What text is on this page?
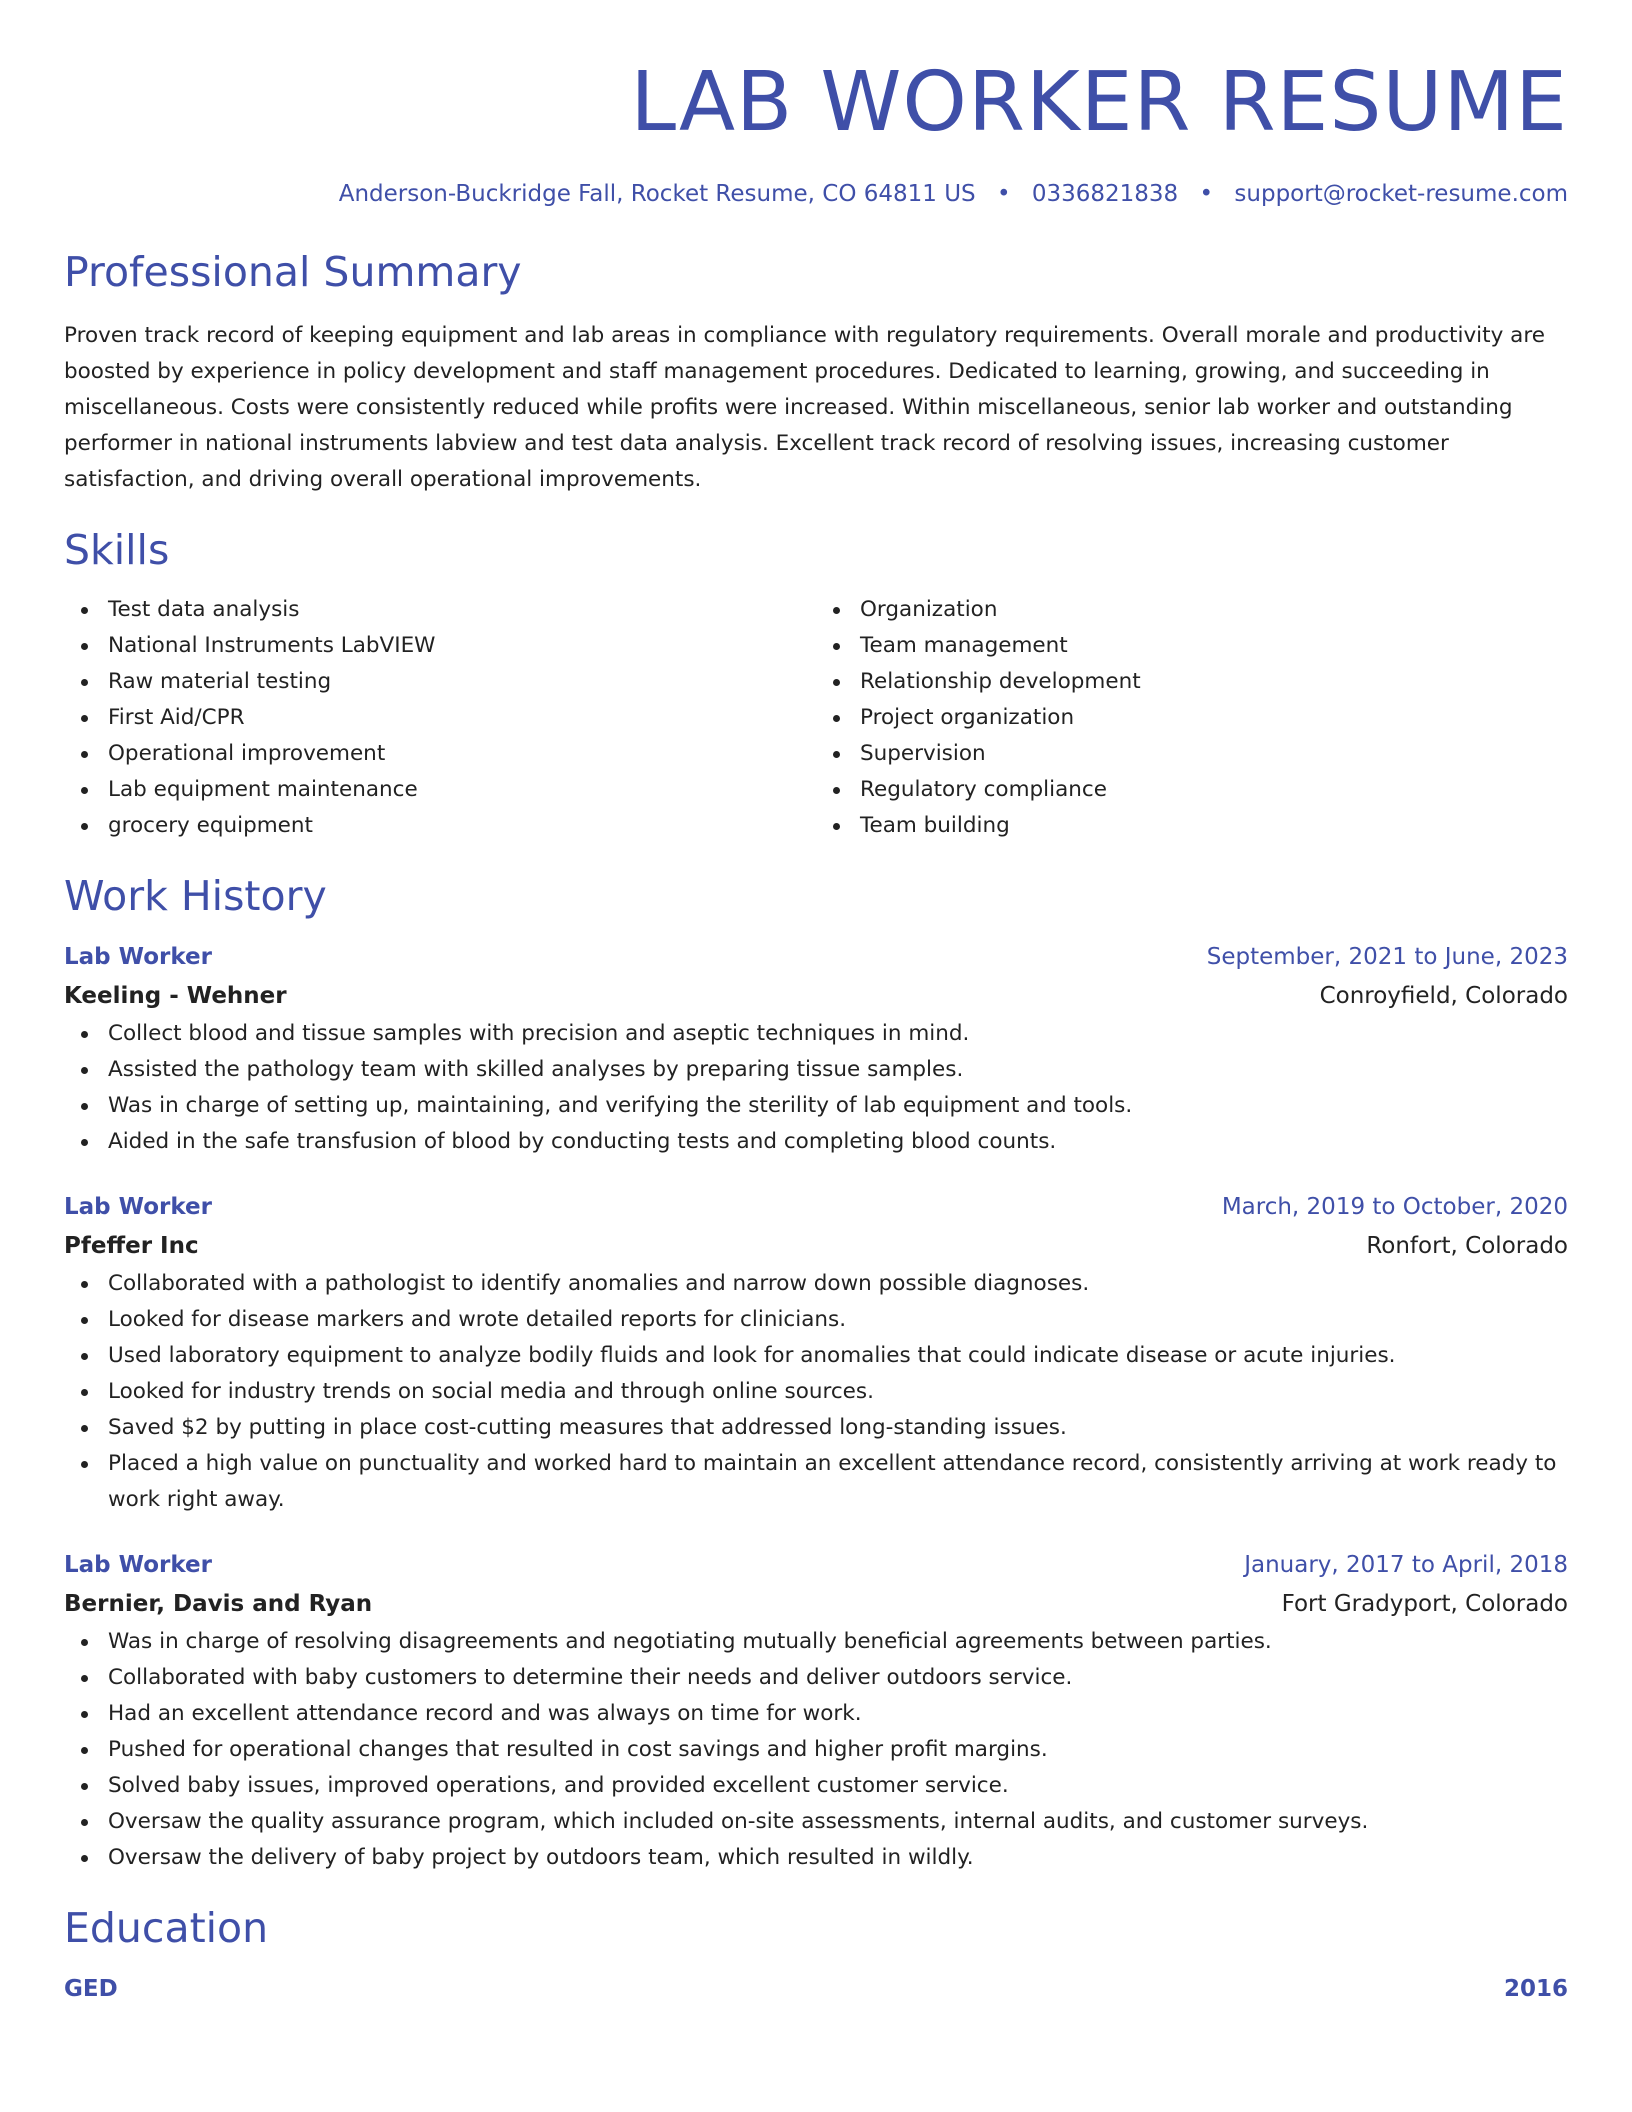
LAB WORKER RESUME
Anderson-Buckridge Fall, Rocket Resume, CO 64811 US • 0336821838 • support@rocket-resume.com
Professional Summary

Proven track record of keeping equipment and lab areas in compliance with regulatory requirements. Overall morale and productivity are boosted by experience in policy development and staff management procedures. Dedicated to learning, growing, and succeeding in miscellaneous. Costs were consistently reduced while profits were increased. Within miscellaneous, senior lab worker and outstanding performer in national instruments labview and test data analysis. Excellent track record of resolving issues, increasing customer satisfaction, and driving overall operational improvements.

Skills
Test data analysis
National Instruments LabVIEW
Raw material testing
First Aid/CPR
Operational improvement
Lab equipment maintenance
grocery equipment
Organization
Team management
Relationship development
Project organization
Supervision
Regulatory compliance
Team building
Work History
Lab Worker	September, 2021 to June, 2023
Keeling - Wehner	Conroyfield, Colorado
Collect blood and tissue samples with precision and aseptic techniques in mind.
Assisted the pathology team with skilled analyses by preparing tissue samples.
Was in charge of setting up, maintaining, and verifying the sterility of lab equipment and tools.
Aided in the safe transfusion of blood by conducting tests and completing blood counts.
Lab Worker	March, 2019 to October, 2020
Pfeffer Inc	Ronfort, Colorado
Collaborated with a pathologist to identify anomalies and narrow down possible diagnoses.
Looked for disease markers and wrote detailed reports for clinicians.
Used laboratory equipment to analyze bodily fluids and look for anomalies that could indicate disease or acute injuries.
Looked for industry trends on social media and through online sources.
Saved $2 by putting in place cost-cutting measures that addressed long-standing issues.
Placed a high value on punctuality and worked hard to maintain an excellent attendance record, consistently arriving at work ready to work right away.
Lab Worker	January, 2017 to April, 2018
Bernier, Davis and Ryan	Fort Gradyport, Colorado
Was in charge of resolving disagreements and negotiating mutually beneficial agreements between parties.
Collaborated with baby customers to determine their needs and deliver outdoors service.
Had an excellent attendance record and was always on time for work.
Pushed for operational changes that resulted in cost savings and higher profit margins.
Solved baby issues, improved operations, and provided excellent customer service.
Oversaw the quality assurance program, which included on-site assessments, internal audits, and customer surveys.
Oversaw the delivery of baby project by outdoors team, which resulted in wildly.
Education
GED	2016
